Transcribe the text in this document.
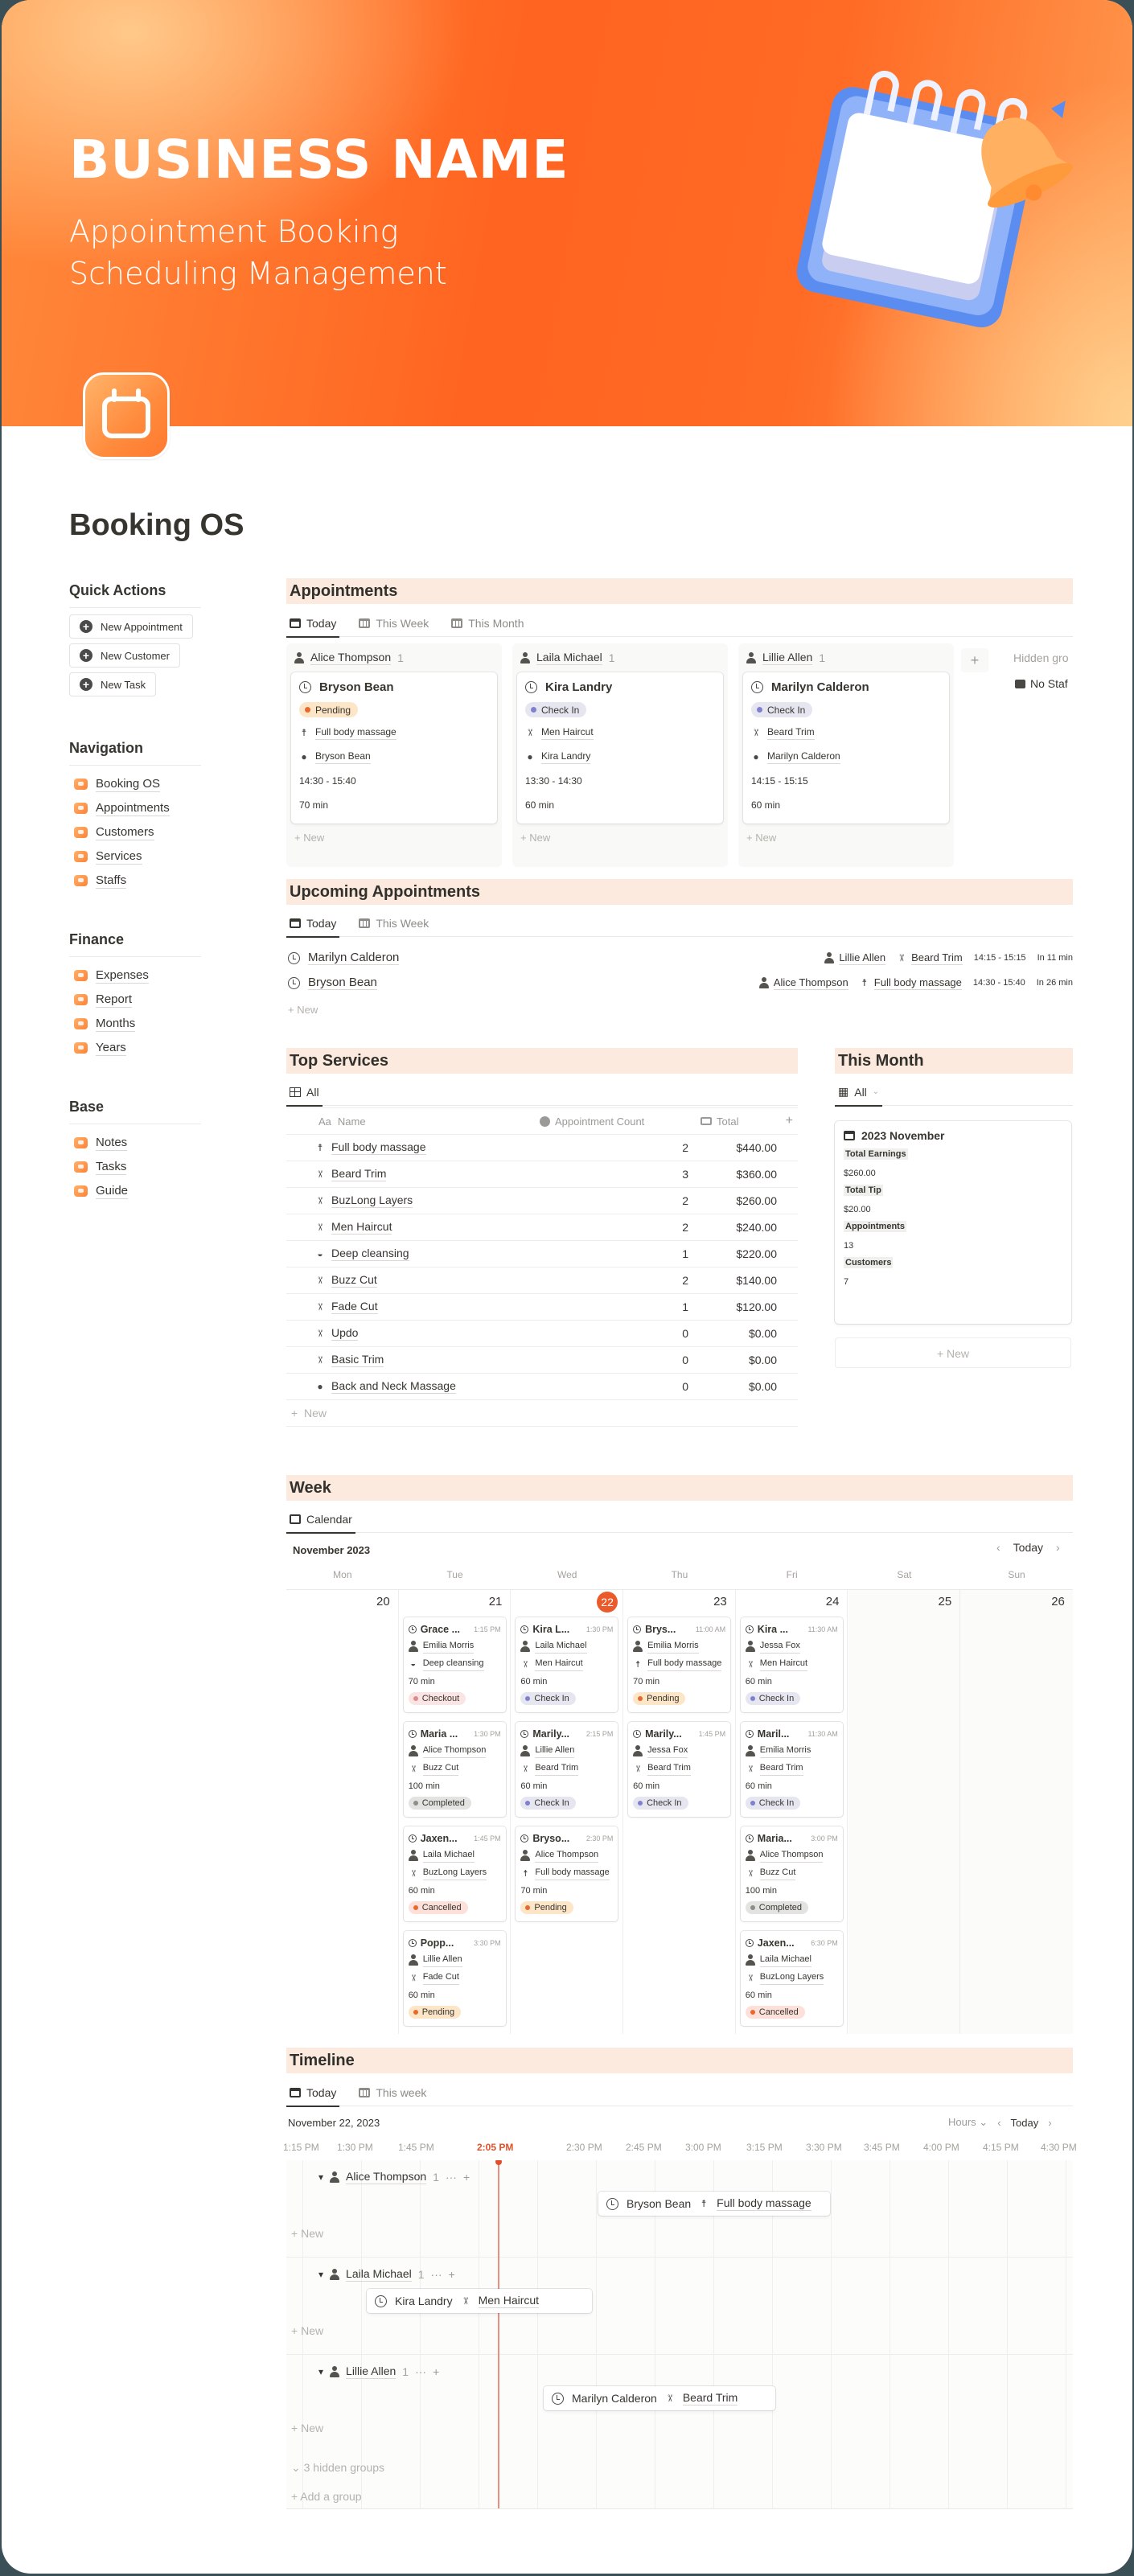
BUSINESS NAME
Appointment Booking
Scheduling Management
Booking OS
Quick Actions
+	New Appointment
+	New Customer
+	New Task
Navigation
Booking OS
Appointments
Customers
Services
Staffs
Finance
Expenses
Report
Months
Years
Base
Notes
Tasks
Guide
Appointments
Today	This Week	This Month
Alice Thompson 1
Bryson Bean
Pending
☨ Full body massage
● Bryson Bean
14:30 - 15:40
70 min
+ New
Laila Michael 1
Kira Landry
Check In
✂ Men Haircut
● Kira Landry
13:30 - 14:30
60 min
+ New
Lillie Allen 1
Marilyn Calderon
Check In
✂ Beard Trim
● Marilyn Calderon
14:15 - 15:15
60 min
+ New
+	Hidden gro
No Staf
Upcoming Appointments
Today	This Week
Marilyn Calderon	Lillie Allen ✂ Beard Trim 14:15 - 15:15 In 11 min
Bryson Bean	Alice Thompson ☨ Full body massage 14:30 - 15:40 In 26 min
+ New
Top Services
All
Aa Name	Appointment Count	Total	+
☨ Full body massage	2	$440.00
✂ Beard Trim	3	$360.00
✂ BuzLong Layers	2	$260.00
✂ Men Haircut	2	$240.00
◒ Deep cleansing	1	$220.00
✂ Buzz Cut	2	$140.00
✂ Fade Cut	1	$120.00
✂ Updo	0	$0.00
✂ Basic Trim	0	$0.00
● Back and Neck Massage	0	$0.00
+ New
This Month
▦ All ⌄
2023 November
Total Earnings
$260.00
Total Tip
$20.00
Appointments
13
Customers
7
+ New
Week
Calendar
November 2023	‹ Today ›
Mon	Tue	Wed	Thu	Fri	Sat	Sun
20	21
Grace ... 1:15 PM
Emilia Morris
◒ Deep cleansing
70 min
Checkout
Maria ... 1:30 PM
Alice Thompson
✂ Buzz Cut
100 min
Completed
Jaxen... 1:45 PM
Laila Michael
✂ BuzLong Layers
60 min
Cancelled
Popp...	3:30 PM
Lillie Allen
✂ Fade Cut
60 min
Pending
22
Kira L... 1:30 PM
Laila Michael
✂ Men Haircut
60 min
Check In
Marily... 2:15 PM
Lillie Allen
✂ Beard Trim
60 min
Check In
Bryso... 2:30 PM
Alice Thompson
☨ Full body massage
70 min
Pending
23
Brys...	11:00 AM
Emilia Morris
☨ Full body massage
70 min
Pending
Marily... 1:45 PM
Jessa Fox
✂ Beard Trim
60 min
Check In
24
Kira ...	11:30 AM
Jessa Fox
✂ Men Haircut
60 min
Check In
Maril...	11:30 AM
Emilia Morris
✂ Beard Trim
60 min
Check In
Maria...	3:00 PM
Alice Thompson
✂ Buzz Cut
100 min
Completed
Jaxen... 6:30 PM
Laila Michael
✂ BuzLong Layers
60 min
Cancelled
25	26
Timeline
Today	This week
November 22, 2023	Hours ⌄ ‹ Today ›
1:15 PM 1:30 PM	1:45 PM	2:30 PM 2:45 PM 3:00 PM	3:15 PM 3:30 PM 3:45 PM 4:00 PM 4:15 PM 4:30 PM
2:05 PM
▾ Alice Thompson 1 ··· +
Bryson Bean ☨ Full body massage
+ New
▾ Laila Michael 1 ··· +
Kira Landry ✂ Men Haircut
+ New
▾ Lillie Allen 1 ··· +
Marilyn Calderon ✂ Beard Trim
+ New
⌄ 3 hidden groups
+ Add a group
